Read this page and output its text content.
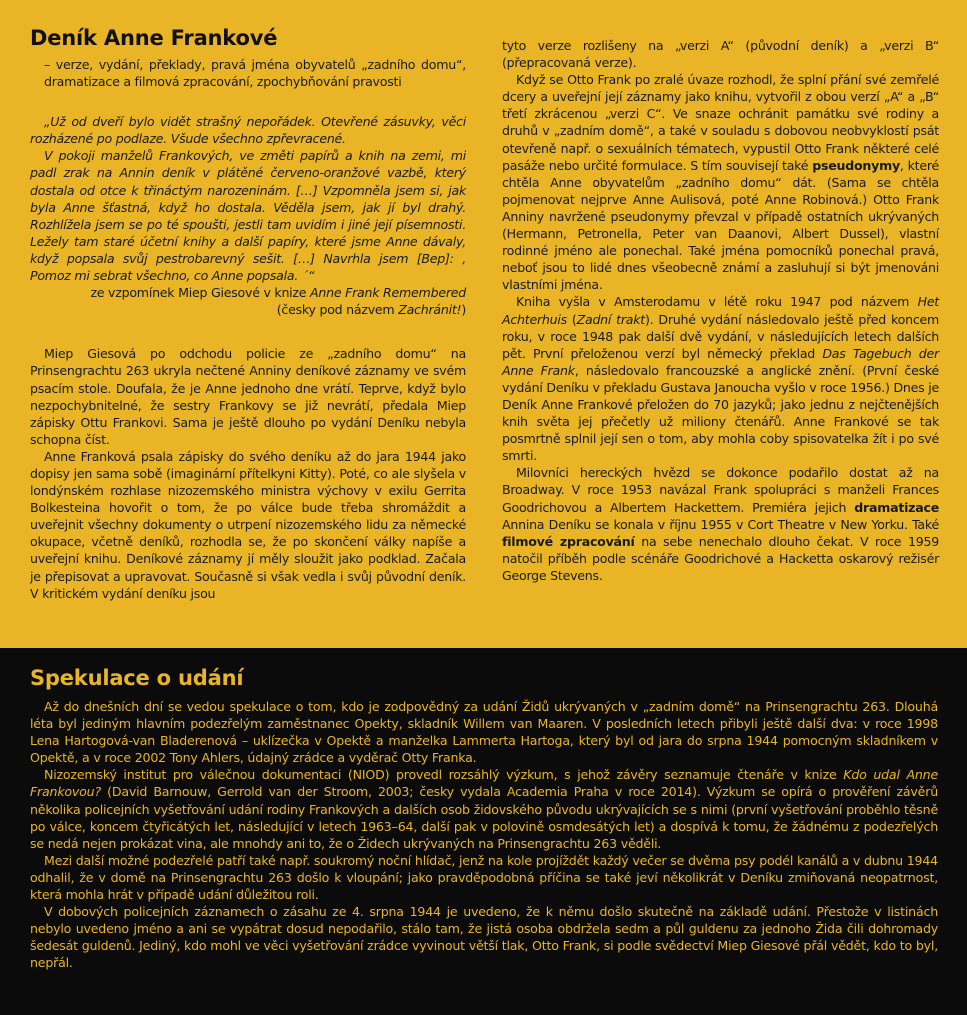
Deník Anne Frankové

– verze, vydání, překlady, pravá jména obyvatelů „zadního domu“, dramatizace a filmová zpracování, zpochybňování pravosti

„Už od dveří bylo vidět strašný nepořádek. Otevřené zásuvky, věci rozházené po podlaze. Všude všechno zpřevracené.

V pokoji manželů Frankových, ve změti papírů a knih na zemi, mi padl zrak na Annin deník v plátěné červeno-oranžové vazbě, který dostala od otce k třináctým narozeninám. […] Vzpomněla jsem si, jak byla Anne šťastná, když ho dostala. Věděla jsem, jak jí byl drahý. Rozhlížela jsem se po té spoušti, jestli tam uvidím i jiné její písemnosti. Ležely tam staré účetní knihy a další papíry, které jsme Anne dávaly, když popsala svůj pestrobarevný sešit. […] Navrhla jsem [Bep]: , Pomoz mi sebrat všechno, co Anne popsala. ´“

ze vzpomínek Miep Giesové v knize Anne Frank Remembered

(česky pod názvem Zachránit!)

Miep Giesová po odchodu policie ze „zadního domu“ na Prinsengrachtu 263 ukryla nečtené Anniny deníkové záznamy ve svém psacím stole. Doufala, že je Anne jednoho dne vrátí. Teprve, když bylo nezpochybnitelné, že sestry Frankovy se již nevrátí, předala Miep zápisky Ottu Frankovi. Sama je ještě dlouho po vydání Deníku nebyla schopna číst.

Anne Franková psala zápisky do svého deníku až do jara 1944 jako dopisy jen sama sobě (imaginární přítelkyni Kitty). Poté, co ale slyšela v londýnském rozhlase nizozemského ministra výchovy v exilu Gerrita Bolkesteina hovořit o tom, že po válce bude třeba shromáždit a uveřejnit všechny dokumenty o utrpení nizozemského lidu za německé okupace, včetně deníků, rozhodla se, že po skončení války napíše a uveřejní knihu. Deníkové záznamy jí měly sloužit jako podklad. Začala je přepisovat a upravovat. Současně si však vedla i svůj původní deník. V kritickém vydání deníku jsou

tyto verze rozlišeny na „verzi A“ (původní deník) a „verzi B“ (přepracovaná verze).

Když se Otto Frank po zralé úvaze rozhodl, že splní přání své zemřelé dcery a uveřejní její záznamy jako knihu, vytvořil z obou verzí „A“ a „B“ třetí zkrácenou „verzi C“. Ve snaze ochránit památku své rodiny a druhů v „zadním domě“, a také v souladu s dobovou neobvyklostí psát otevřeně např. o sexuálních tématech, vypustil Otto Frank některé celé pasáže nebo určité formulace. S tím souvisejí také pseudonymy, které chtěla Anne obyvatelům „zadního domu“ dát. (Sama se chtěla pojmenovat nejprve Anne Aulisová, poté Anne Robinová.) Otto Frank Anniny navržené pseudonymy převzal v případě ostatních ukrývaných (Hermann, Petronella, Peter van Daanovi, Albert Dussel), vlastní rodinné jméno ale ponechal. Také jména pomocníků ponechal pravá, neboť jsou to lidé dnes všeobecně známí a zasluhují si být jmenováni vlastními jména.

Kniha vyšla v Amsterodamu v létě roku 1947 pod názvem Het Achterhuis (Zadní trakt). Druhé vydání následovalo ještě před koncem roku, v roce 1948 pak další dvě vydání, v následujících letech dalších pět. První přeloženou verzí byl německý překlad Das Tagebuch der Anne Frank, následovalo francouzské a anglické znění. (První české vydání Deníku v překladu Gustava Janoucha vyšlo v roce 1956.) Dnes je Deník Anne Frankové přeložen do 70 jazyků; jako jednu z nejčtenějších knih světa jej přečetly už miliony čtenářů. Anne Frankové se tak posmrtně splnil její sen o tom, aby mohla coby spisovatelka žít i po své smrti.

Milovníci hereckých hvězd se dokonce podařilo dostat až na Broadway. V roce 1953 navázal Frank spolupráci s manželi Frances Goodrichovou a Albertem Hackettem. Premiéra jejich dramatizace Annina Deníku se konala v říjnu 1955 v Cort Theatre v New Yorku. Také filmové zpracování na sebe nenechalo dlouho čekat. V roce 1959 natočil příběh podle scénáře Goodrichové a Hacketta oskarový režisér George Stevens.

Spekulace o udání

Až do dnešních dní se vedou spekulace o tom, kdo je zodpovědný za udání Židů ukrývaných v „zadním domě“ na Prinsengrachtu 263. Dlouhá léta byl jediným hlavním podezřelým zaměstnanec Opekty, skladník Willem van Maaren. V posledních letech přibyli ještě další dva: v roce 1998 Lena Hartogová-van Bladerenová – uklízečka v Opektě a manželka Lammerta Hartoga, který byl od jara do srpna 1944 pomocným skladníkem v Opektě, a v roce 2002 Tony Ahlers, údajný zrádce a vyděrač Otty Franka.

Nizozemský institut pro válečnou dokumentaci (NIOD) provedl rozsáhlý výzkum, s jehož závěry seznamuje čtenáře v knize Kdo udal Anne Frankovou? (David Barnouw, Gerrold van der Stroom, 2003; česky vydala Academia Praha v roce 2014). Výzkum se opírá o prověření závěrů několika policejních vyšetřování udání rodiny Frankových a dalších osob židovského původu ukrývajících se s nimi (první vyšetřování proběhlo těsně po válce, koncem čtyřicátých let, následující v letech 1963–64, další pak v polovině osmdesátých let) a dospívá k tomu, že žádnému z podezřelých se nedá nejen prokázat vina, ale mnohdy ani to, že o Židech ukrývaných na Prinsengrachtu 263 věděli.

Mezi další možné podezřelé patří také např. soukromý noční hlídač, jenž na kole projíždět každý večer se dvěma psy podél kanálů a v dubnu 1944 odhalil, že v domě na Prinsengrachtu 263 došlo k vloupání; jako pravděpodobná příčina se také jeví několikrát v Deníku zmiňovaná neopatrnost, která mohla hrát v případě udání důležitou roli.

V dobových policejních záznamech o zásahu ze 4. srpna 1944 je uvedeno, že k němu došlo skutečně na základě udání. Přestože v listinách nebylo uvedeno jméno a ani se vypátrat dosud nepodařilo, stálo tam, že jistá osoba obdržela sedm a půl guldenu za jednoho Žida čili dohromady šedesát guldenů. Jediný, kdo mohl ve věci vyšetřování zrádce vyvinout větší tlak, Otto Frank, si podle svědectví Miep Giesové přál vědět, kdo to byl, nepřál.
